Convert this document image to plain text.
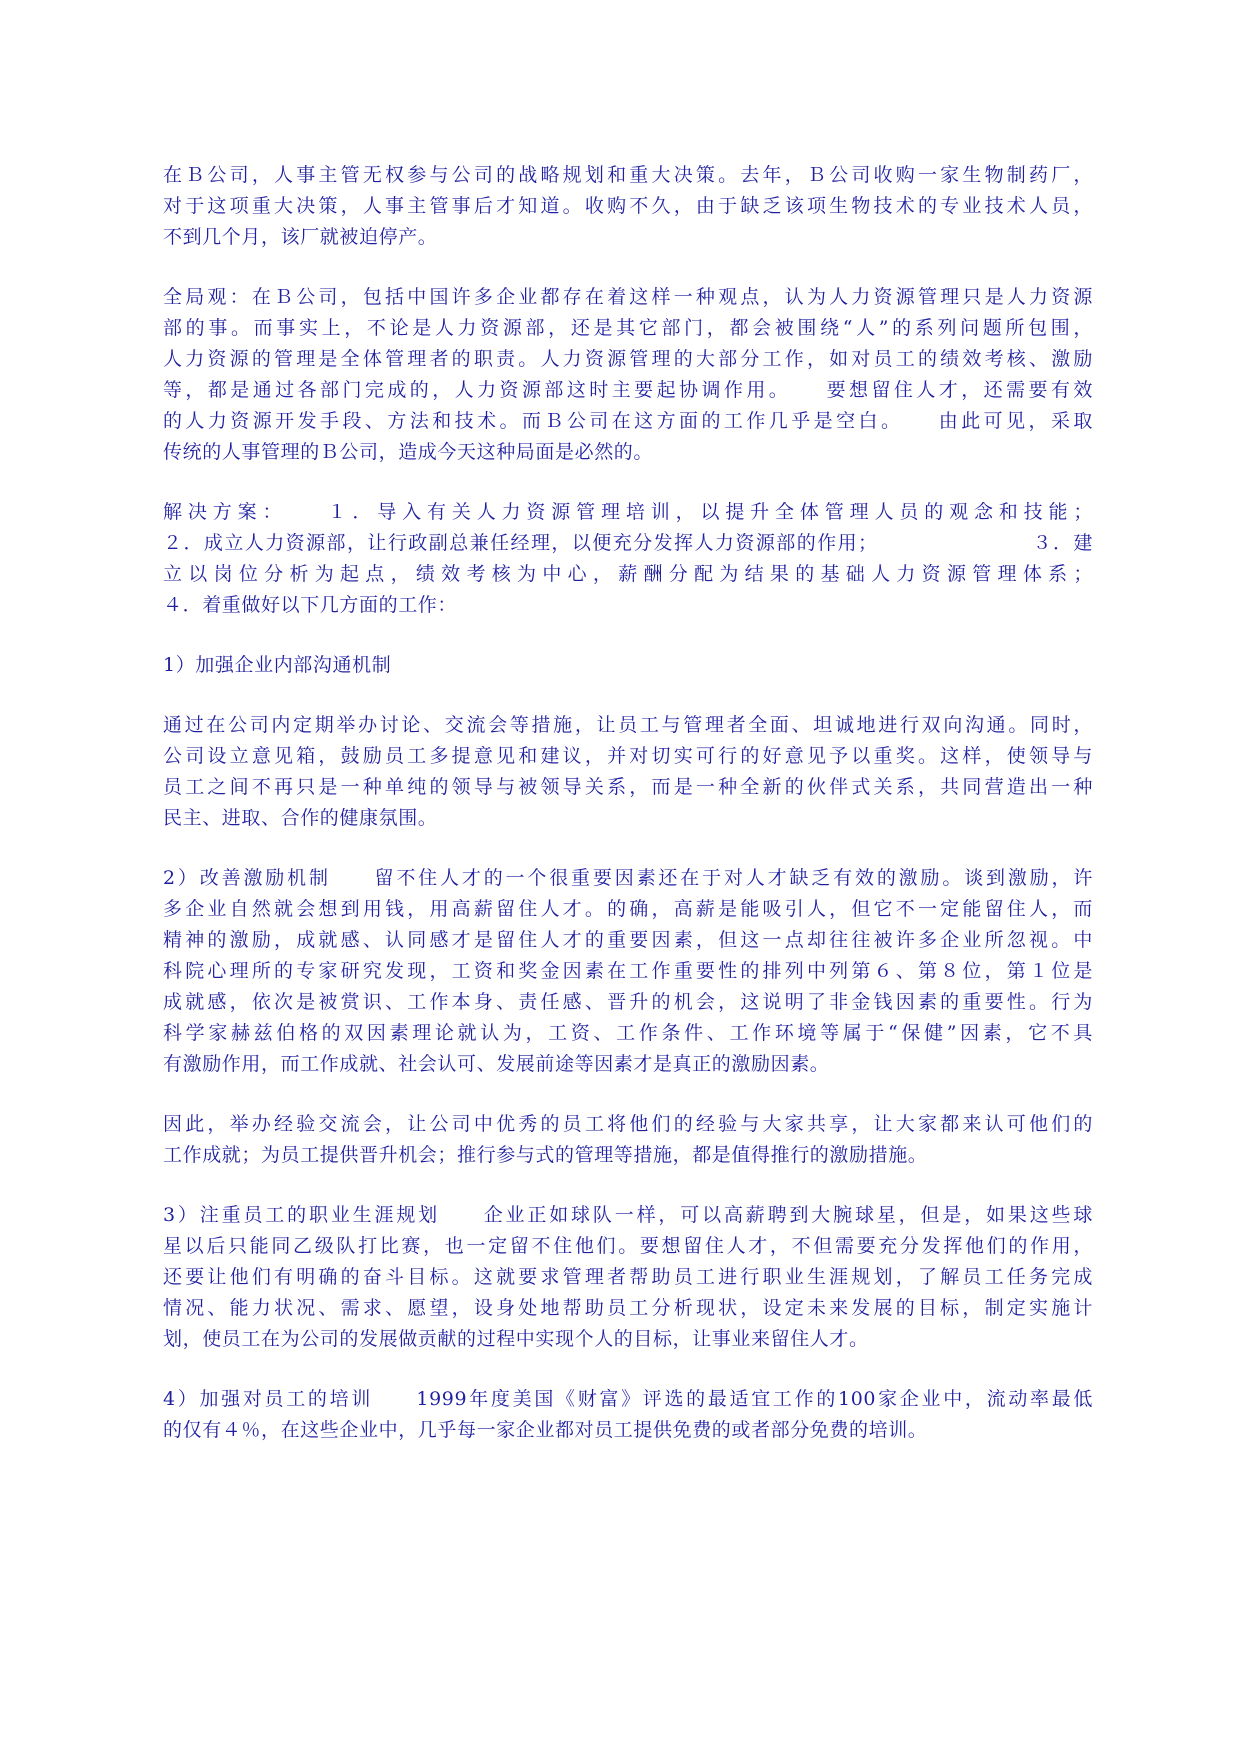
在Ｂ公司，人事主管无权参与公司的战略规划和重大决策。去年，Ｂ公司收购一家生物制药厂，
对于这项重大决策，人事主管事后才知道。收购不久，由于缺乏该项生物技术的专业技术人员，
不到几个月，该厂就被迫停产。
全局观：在Ｂ公司，包括中国许多企业都存在着这样一种观点，认为人力资源管理只是人力资源
部的事。而事实上，不论是人力资源部，还是其它部门，都会被围绕“人”的系列问题所包围，
人力资源的管理是全体管理者的职责。人力资源管理的大部分工作，如对员工的绩效考核、激励
等，都是通过各部门完成的，人力资源部这时主要起协调作用。　　要想留住人才，还需要有效
的人力资源开发手段、方法和技术。而Ｂ公司在这方面的工作几乎是空白。　　由此可见，采取
传统的人事管理的Ｂ公司，造成今天这种局面是必然的。
解决方案：　　１．导入有关人力资源管理培训，以提升全体管理人员的观念和技能；
２．成立人力资源部，让行政副总兼任经理，以便充分发挥人力资源部的作用；　　　　　　　　３．建
立以岗位分析为起点，绩效考核为中心，薪酬分配为结果的基础人力资源管理体系；
４．着重做好以下几方面的工作：
1）加强企业内部沟通机制
通过在公司内定期举办讨论、交流会等措施，让员工与管理者全面、坦诚地进行双向沟通。同时，
公司设立意见箱，鼓励员工多提意见和建议，并对切实可行的好意见予以重奖。这样，使领导与
员工之间不再只是一种单纯的领导与被领导关系，而是一种全新的伙伴式关系，共同营造出一种
民主、进取、合作的健康氛围。
2）改善激励机制　　留不住人才的一个很重要因素还在于对人才缺乏有效的激励。谈到激励，许
多企业自然就会想到用钱，用高薪留住人才。的确，高薪是能吸引人，但它不一定能留住人，而
精神的激励，成就感、认同感才是留住人才的重要因素，但这一点却往往被许多企业所忽视。中
科院心理所的专家研究发现，工资和奖金因素在工作重要性的排列中列第６、第８位，第１位是
成就感，依次是被赏识、工作本身、责任感、晋升的机会，这说明了非金钱因素的重要性。行为
科学家赫兹伯格的双因素理论就认为，工资、工作条件、工作环境等属于“保健”因素，它不具
有激励作用，而工作成就、社会认可、发展前途等因素才是真正的激励因素。
因此，举办经验交流会，让公司中优秀的员工将他们的经验与大家共享，让大家都来认可他们的
工作成就；为员工提供晋升机会；推行参与式的管理等措施，都是值得推行的激励措施。
3）注重员工的职业生涯规划　　企业正如球队一样，可以高薪聘到大腕球星，但是，如果这些球
星以后只能同乙级队打比赛，也一定留不住他们。要想留住人才，不但需要充分发挥他们的作用，
还要让他们有明确的奋斗目标。这就要求管理者帮助员工进行职业生涯规划，了解员工任务完成
情况、能力状况、需求、愿望，设身处地帮助员工分析现状，设定未来发展的目标，制定实施计
划，使员工在为公司的发展做贡献的过程中实现个人的目标，让事业来留住人才。
4）加强对员工的培训　　1999年度美国《财富》评选的最适宜工作的100家企业中，流动率最低
的仅有４％，在这些企业中，几乎每一家企业都对员工提供免费的或者部分免费的培训。
